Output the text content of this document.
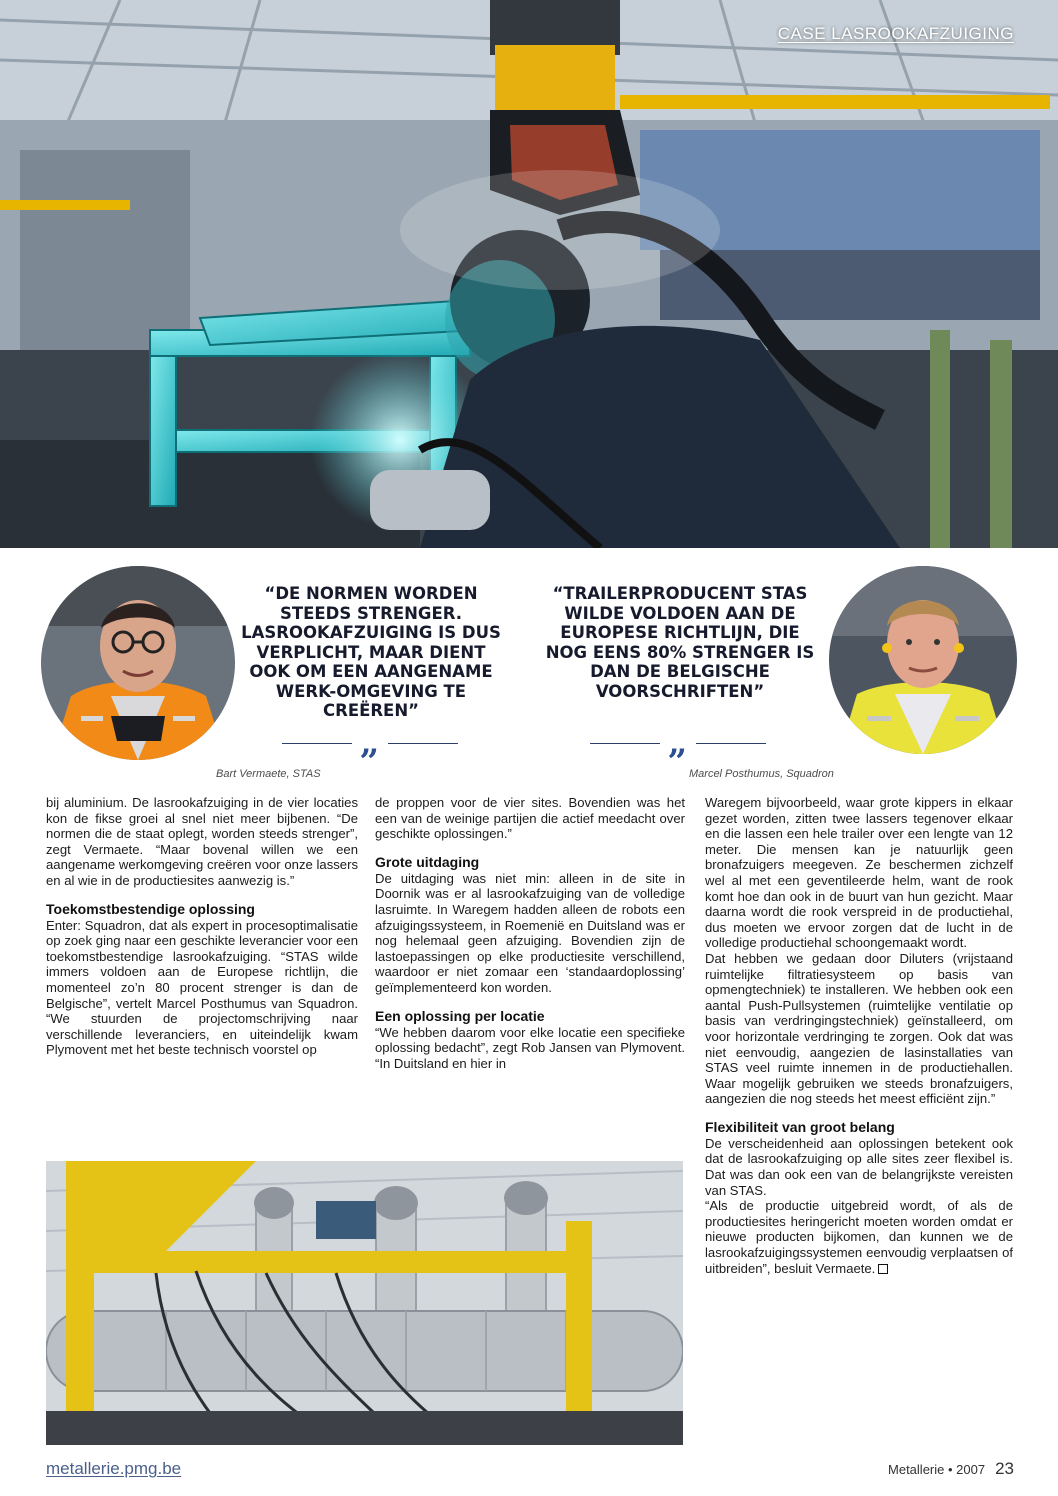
CASE LASROOKAFZUIGING
“DE NORMEN WORDEN STEEDS STRENGER. LASROOKAFZUIGING IS DUS VERPLICHT, MAAR DIENT OOK OM EEN AANGENAME WERK-OMGEVING TE CREËREN”
„
Bart Vermaete, STAS
“TRAILERPRODUCENT STAS WILDE VOLDOEN AAN DE EUROPESE RICHTLIJN, DIE NOG EENS 80% STRENGER IS DAN DE BELGISCHE VOORSCHRIFTEN”
„
Marcel Posthumus, Squadron

bij aluminium. De lasrookafzuiging in de vier locaties kon de fikse groei al snel niet meer bijbenen. “De normen die de staat oplegt, worden steeds strenger”, zegt Vermaete. “Maar bovenal willen we een aangename werkomgeving creëren voor onze lassers en al wie in de productiesites aanwezig is.”

Toekomstbestendige oplossing

Enter: Squadron, dat als expert in procesoptimalisatie op zoek ging naar een geschikte leverancier voor een toekomstbestendige lasrookafzuiging. “STAS wilde immers voldoen aan de Europese richtlijn, die momenteel zo’n 80 procent strenger is dan de Belgische”, vertelt Marcel Posthumus van Squadron. “We stuurden de projectomschrijving naar verschillende leveranciers, en uiteindelijk kwam Plymovent met het beste technisch voorstel op

de proppen voor de vier sites. Bovendien was het een van de weinige partijen die actief meedacht over geschikte oplossingen.”

Grote uitdaging

De uitdaging was niet min: alleen in de site in Doornik was er al lasrookafzuiging van de volledige lasruimte. In Waregem hadden alleen de robots een afzuigingssysteem, in Roemenië en Duitsland was er nog helemaal geen afzuiging. Bovendien zijn de lastoepassingen op elke productiesite verschillend, waardoor er niet zomaar een ‘standaardoplossing’ geïmplementeerd kon worden.

Een oplossing per locatie

“We hebben daarom voor elke locatie een specifieke oplossing bedacht”, zegt Rob Jansen van Plymovent. “In Duitsland en hier in

Waregem bijvoorbeeld, waar grote kippers in elkaar gezet worden, zitten twee lassers tegenover elkaar en die lassen een hele trailer over een lengte van 12 meter. Die mensen kan je natuurlijk geen bronafzuigers meegeven. Ze beschermen zichzelf wel al met een geventileerde helm, want de rook komt hoe dan ook in de buurt van hun gezicht. Maar daarna wordt die rook verspreid in de productiehal, dus moeten we ervoor zorgen dat de lucht in de volledige productiehal schoongemaakt wordt.

Dat hebben we gedaan door Diluters (vrijstaand ruimtelijke filtratiesysteem op basis van opmengtechniek) te installeren. We hebben ook een aantal Push-Pullsystemen (ruimtelijke ventilatie op basis van verdringingstechniek) geïnstalleerd, om voor horizontale verdringing te zorgen. Ook dat was niet eenvoudig, aangezien de lasinstallaties van STAS veel ruimte innemen in de productiehallen. Waar mogelijk gebruiken we steeds bronafzuigers, aangezien die nog steeds het meest efficiënt zijn.”

Flexibiliteit van groot belang

De verscheidenheid aan oplossingen betekent ook dat de lasrookafzuiging op alle sites zeer flexibel is. Dat was dan ook een van de belangrijkste vereisten van STAS.

“Als de productie uitgebreid wordt, of als de productiesites heringericht moeten worden omdat er nieuwe producten bijkomen, dan kunnen we de lasrookafzuigingssystemen eenvoudig verplaatsen of uitbreiden”, besluit Vermaete.

metallerie.pmg.be	Metallerie • 2007 23
